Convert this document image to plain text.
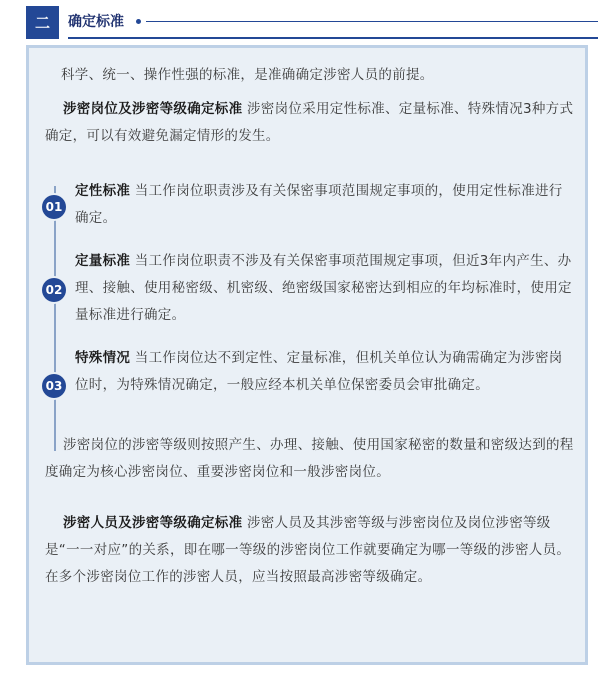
二	确定标准
科学、统一、操作性强的标准，是准确确定涉密人员的前提。
涉密岗位及涉密等级确定标准 涉密岗位采用定性标准、定量标准、特殊情况3种方式确定，可以有效避免漏定情形的发生。
01
定性标准 当工作岗位职责涉及有关保密事项范围规定事项的，使用定性标准进行确定。
02
定量标准 当工作岗位职责不涉及有关保密事项范围规定事项，但近3年内产生、办理、接触、使用秘密级、机密级、绝密级国家秘密达到相应的年均标准时，使用定量标准进行确定。
03
特殊情况 当工作岗位达不到定性、定量标准，但机关单位认为确需确定为涉密岗位时，为特殊情况确定，一般应经本机关单位保密委员会审批确定。
涉密岗位的涉密等级则按照产生、办理、接触、使用国家秘密的数量和密级达到的程度确定为核心涉密岗位、重要涉密岗位和一般涉密岗位。
涉密人员及涉密等级确定标准 涉密人员及其涉密等级与涉密岗位及岗位涉密等级是“一一对应”的关系，即在哪一等级的涉密岗位工作就要确定为哪一等级的涉密人员。在多个涉密岗位工作的涉密人员，应当按照最高涉密等级确定。
